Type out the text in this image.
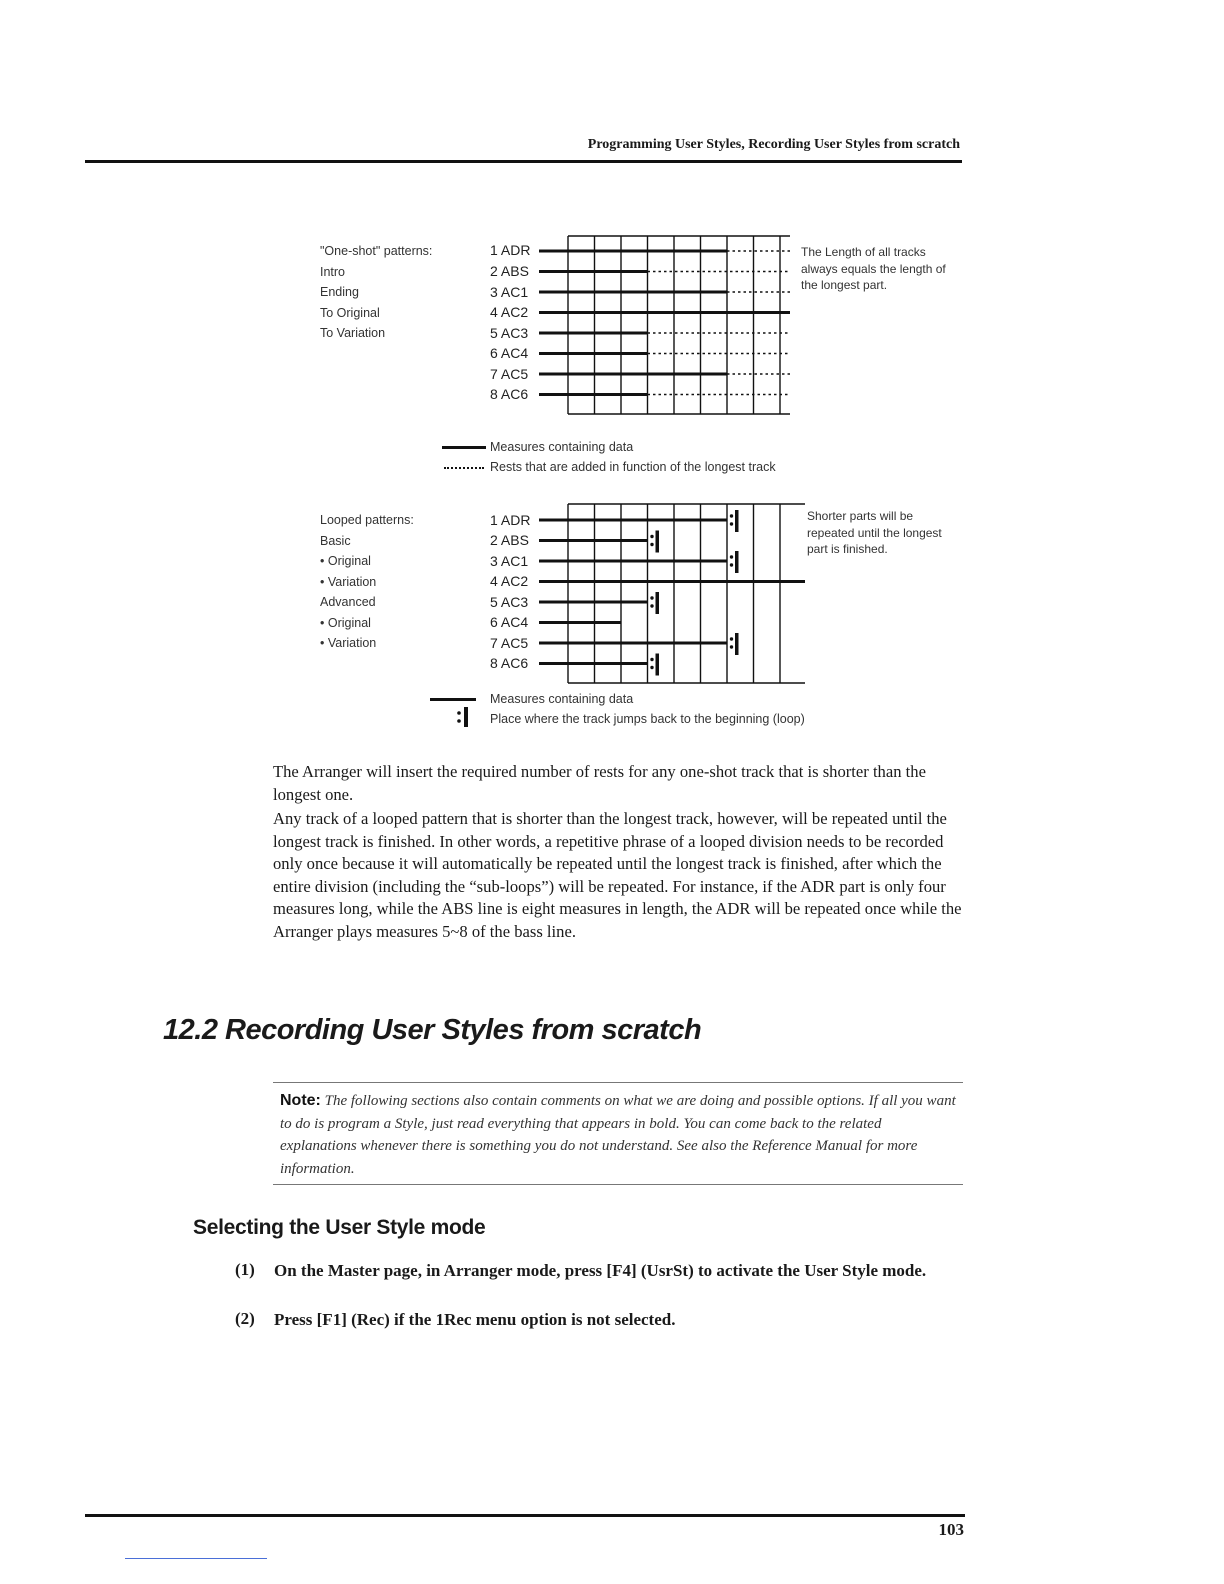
Programming User Styles, Recording User Styles from scratch
"One-shot" patterns:
Intro
Ending
To Original
To Variation
1 ADR
2 ABS
3 AC1
4 AC2
5 AC3
6 AC4
7 AC5
8 AC6
The Length of all tracks
always equals the length of
the longest part.
Measures containing data
Rests that are added in function of the longest track
Looped patterns:
Basic
• Original
• Variation
Advanced
• Original
• Variation
1 ADR
2 ABS
3 AC1
4 AC2
5 AC3
6 AC4
7 AC5
8 AC6
Shorter parts will be
repeated until the longest
part is finished.
Measures containing data
Place where the track jumps back to the beginning (loop)

The Arranger will insert the required number of rests for any one-shot track that is shorter than the longest one.

Any track of a looped pattern that is shorter than the longest track, however, will be repeated until the longest track is finished. In other words, a repetitive phrase of a looped division needs to be recorded only once because it will automatically be repeated until the longest track is finished, after which the entire division (including the “sub-loops”) will be repeated. For instance, if the ADR part is only four measures long, while the ABS line is eight measures in length, the ADR will be repeated once while the Arranger plays measures 5~8 of the bass line.

12.2 Recording User Styles from scratch

Note: The following sections also contain comments on what we are doing and possible options. If all you want to do is program a Style, just read everything that appears in bold. You can come back to the related explanations whenever there is something you do not understand. See also the Reference Manual for more information.

Selecting the User Style mode
(1) On the Master page, in Arranger mode, press [F4] (UsrSt) to activate the User Style mode.

(2) Press [F1] (Rec) if the 1Rec menu option is not selected.

103
